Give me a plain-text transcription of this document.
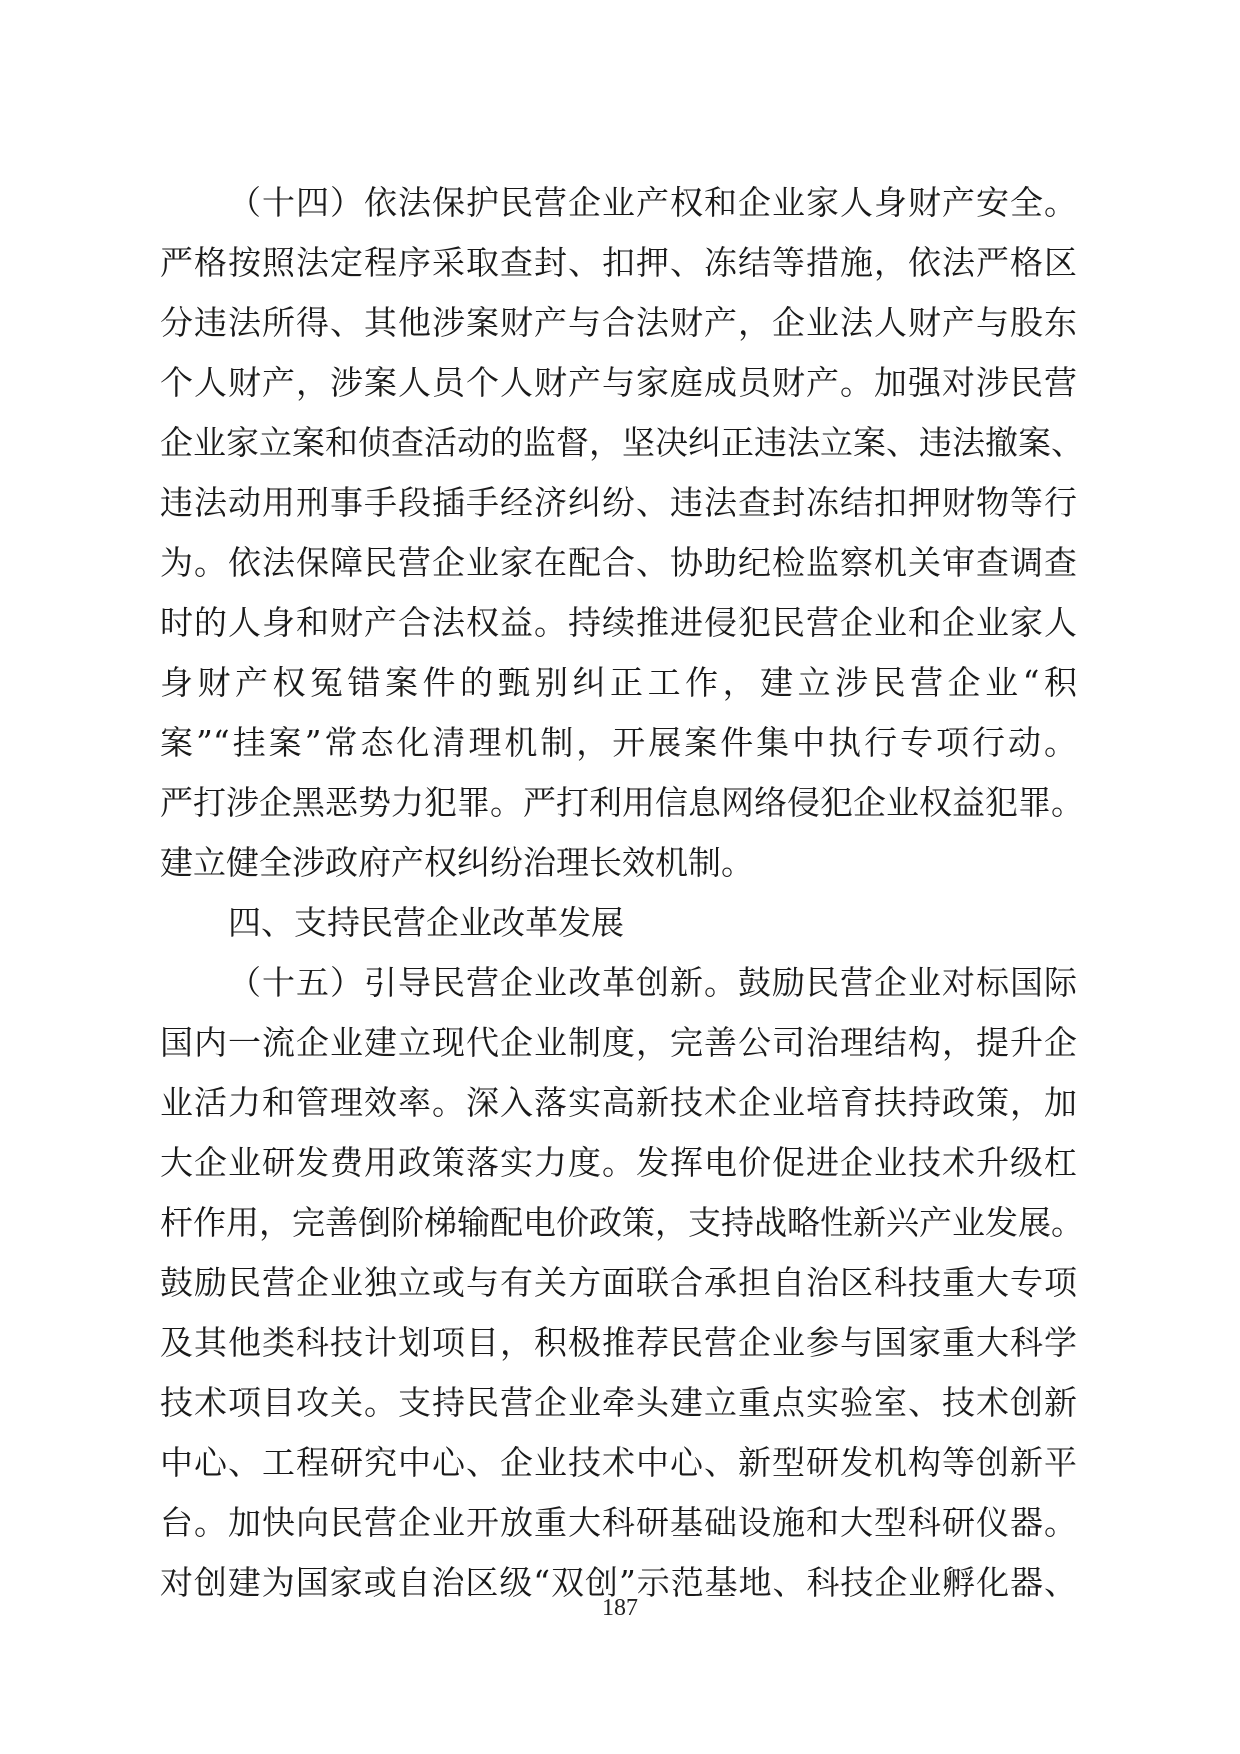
（十四）依法保护民营企业产权和企业家人身财产安全。
严格按照法定程序采取查封、扣押、冻结等措施，依法严格区
分违法所得、其他涉案财产与合法财产，企业法人财产与股东
个人财产，涉案人员个人财产与家庭成员财产。加强对涉民营
企业家立案和侦查活动的监督，坚决纠正违法立案、违法撤案、
违法动用刑事手段插手经济纠纷、违法查封冻结扣押财物等行
为。依法保障民营企业家在配合、协助纪检监察机关审查调查
时的人身和财产合法权益。持续推进侵犯民营企业和企业家人
身财产权冤错案件的甄别纠正工作，建立涉民营企业“积
案”“挂案”常态化清理机制，开展案件集中执行专项行动。
严打涉企黑恶势力犯罪。严打利用信息网络侵犯企业权益犯罪。
建立健全涉政府产权纠纷治理长效机制。
四、支持民营企业改革发展
（十五）引导民营企业改革创新。鼓励民营企业对标国际
国内一流企业建立现代企业制度，完善公司治理结构，提升企
业活力和管理效率。深入落实高新技术企业培育扶持政策，加
大企业研发费用政策落实力度。发挥电价促进企业技术升级杠
杆作用，完善倒阶梯输配电价政策，支持战略性新兴产业发展。
鼓励民营企业独立或与有关方面联合承担自治区科技重大专项
及其他类科技计划项目，积极推荐民营企业参与国家重大科学
技术项目攻关。支持民营企业牵头建立重点实验室、技术创新
中心、工程研究中心、企业技术中心、新型研发机构等创新平
台。加快向民营企业开放重大科研基础设施和大型科研仪器。
对创建为国家或自治区级“双创”示范基地、科技企业孵化器、
187
